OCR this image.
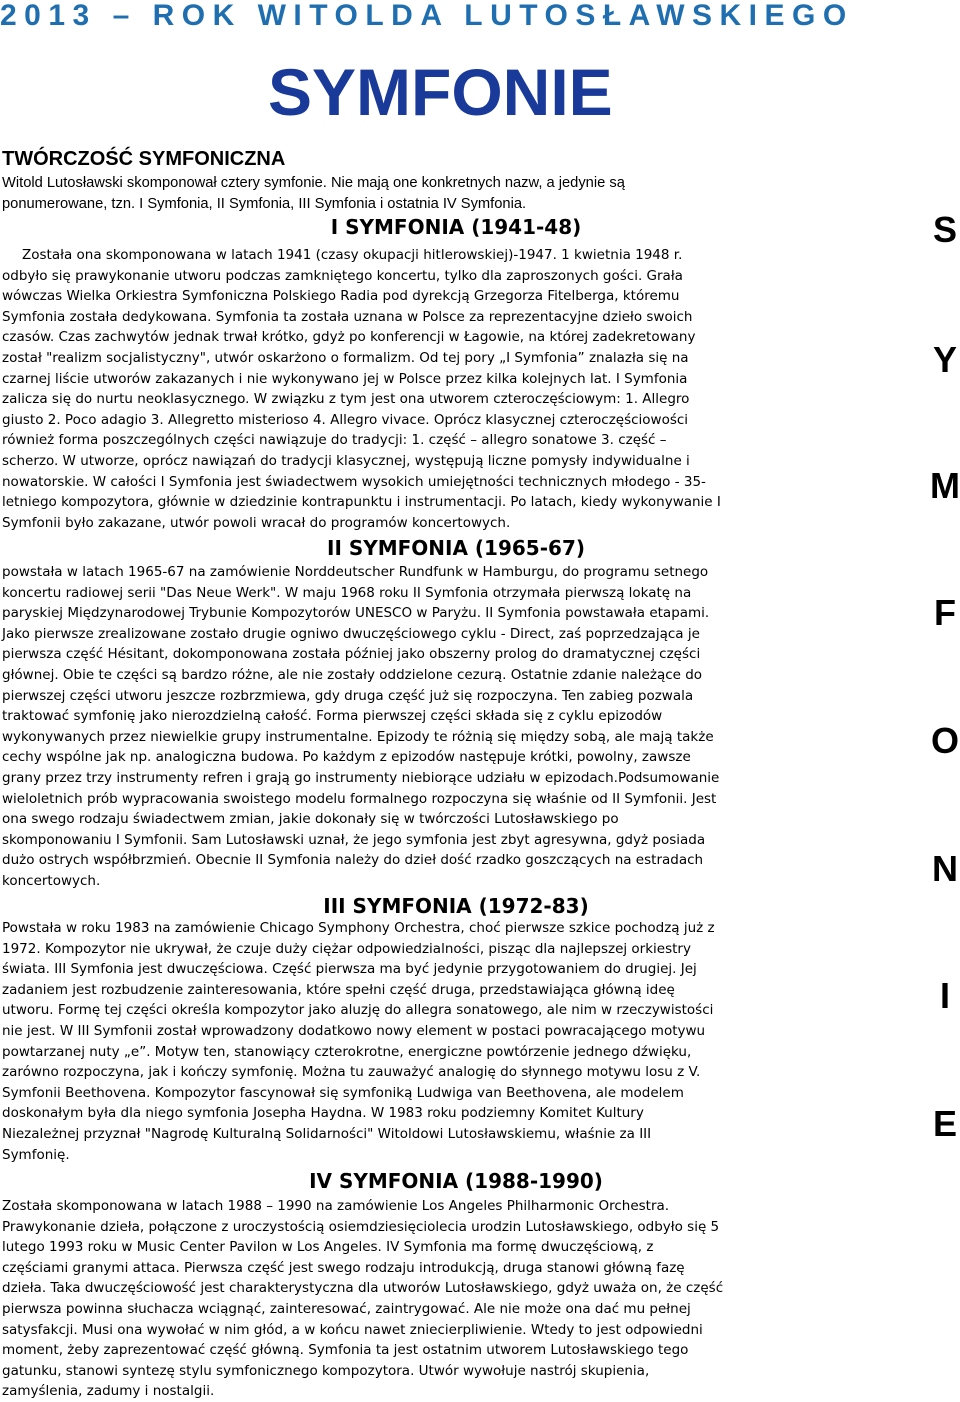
2013 – ROK WITOLDA LUTOSŁAWSKIEGO
SYMFONIE
S
Y
M
F
O
N
I
E
TWÓRCZOŚĆ SYMFONICZNA
Witold Lutosławski skomponował cztery symfonie. Nie mają one konkretnych nazw, a jedynie są
ponumerowane, tzn. I Symfonia, II Symfonia, III Symfonia i ostatnia IV Symfonia.
I SYMFONIA (1941-48)
Została ona skomponowana w latach 1941 (czasy okupacji hitlerowskiej)-1947. 1 kwietnia 1948 r.
odbyło się prawykonanie utworu podczas zamkniętego koncertu, tylko dla zaproszonych gości. Grała
wówczas Wielka Orkiestra Symfoniczna Polskiego Radia pod dyrekcją Grzegorza Fitelberga, któremu
Symfonia została dedykowana. Symfonia ta została uznana w Polsce za reprezentacyjne dzieło swoich
czasów. Czas zachwytów jednak trwał krótko, gdyż po konferencji w Łagowie, na której zadekretowany
został "realizm socjalistyczny", utwór oskarżono o formalizm. Od tej pory „I Symfonia” znalazła się na
czarnej liście utworów zakazanych i nie wykonywano jej w Polsce przez kilka kolejnych lat. I Symfonia
zalicza się do nurtu neoklasycznego. W związku z tym jest ona utworem czteroczęściowym: 1. Allegro
giusto 2. Poco adagio 3. Allegretto misterioso 4. Allegro vivace. Oprócz klasycznej czteroczęściowości
również forma poszczególnych części nawiązuje do tradycji: 1. część – allegro sonatowe 3. część –
scherzo. W utworze, oprócz nawiązań do tradycji klasycznej, występują liczne pomysły indywidualne i
nowatorskie. W całości I Symfonia jest świadectwem wysokich umiejętności technicznych młodego - 35-
letniego kompozytora, głównie w dziedzinie kontrapunktu i instrumentacji. Po latach, kiedy wykonywanie I
Symfonii było zakazane, utwór powoli wracał do programów koncertowych.
II SYMFONIA (1965-67)
powstała w latach 1965-67 na zamówienie Norddeutscher Rundfunk w Hamburgu, do programu setnego
koncertu radiowej serii "Das Neue Werk". W maju 1968 roku II Symfonia otrzymała pierwszą lokatę na
paryskiej Międzynarodowej Trybunie Kompozytorów UNESCO w Paryżu. II Symfonia powstawała etapami.
Jako pierwsze zrealizowane zostało drugie ogniwo dwuczęściowego cyklu - Direct, zaś poprzedzająca je
pierwsza część Hésitant, dokomponowana została później jako obszerny prolog do dramatycznej części
głównej. Obie te części są bardzo różne, ale nie zostały oddzielone cezurą. Ostatnie zdanie należące do
pierwszej części utworu jeszcze rozbrzmiewa, gdy druga część już się rozpoczyna. Ten zabieg pozwala
traktować symfonię jako nierozdzielną całość. Forma pierwszej części składa się z cyklu epizodów
wykonywanych przez niewielkie grupy instrumentalne. Epizody te różnią się między sobą, ale mają także
cechy wspólne jak np. analogiczna budowa. Po każdym z epizodów następuje krótki, powolny, zawsze
grany przez trzy instrumenty refren i grają go instrumenty niebiorące udziału w epizodach.Podsumowanie
wieloletnich prób wypracowania swoistego modelu formalnego rozpoczyna się właśnie od II Symfonii. Jest
ona swego rodzaju świadectwem zmian, jakie dokonały się w twórczości Lutosławskiego po
skomponowaniu I Symfonii. Sam Lutosławski uznał, że jego symfonia jest zbyt agresywna, gdyż posiada
dużo ostrych współbrzmień. Obecnie II Symfonia należy do dzieł dość rzadko goszczących na estradach
koncertowych.
III SYMFONIA (1972-83)
Powstała w roku 1983 na zamówienie Chicago Symphony Orchestra, choć pierwsze szkice pochodzą już z
1972. Kompozytor nie ukrywał, że czuje duży ciężar odpowiedzialności, pisząc dla najlepszej orkiestry
świata. III Symfonia jest dwuczęściowa. Część pierwsza ma być jedynie przygotowaniem do drugiej. Jej
zadaniem jest rozbudzenie zainteresowania, które spełni część druga, przedstawiająca główną ideę
utworu. Formę tej części określa kompozytor jako aluzję do allegra sonatowego, ale nim w rzeczywistości
nie jest. W III Symfonii został wprowadzony dodatkowo nowy element w postaci powracającego motywu
powtarzanej nuty „e”. Motyw ten, stanowiący czterokrotne, energiczne powtórzenie jednego dźwięku,
zarówno rozpoczyna, jak i kończy symfonię. Można tu zauważyć analogię do słynnego motywu losu z V.
Symfonii Beethovena. Kompozytor fascynował się symfoniką Ludwiga van Beethovena, ale modelem
doskonałym była dla niego symfonia Josepha Haydna. W 1983 roku podziemny Komitet Kultury
Niezależnej przyznał "Nagrodę Kulturalną Solidarności" Witoldowi Lutosławskiemu, właśnie za III
Symfonię.
IV SYMFONIA (1988-1990)
Została skomponowana w latach 1988 – 1990 na zamówienie Los Angeles Philharmonic Orchestra.
Prawykonanie dzieła, połączone z uroczystością osiemdziesięciolecia urodzin Lutosławskiego, odbyło się 5
lutego 1993 roku w Music Center Pavilon w Los Angeles. IV Symfonia ma formę dwuczęściową, z
częściami granymi attaca. Pierwsza część jest swego rodzaju introdukcją, druga stanowi główną fazę
dzieła. Taka dwuczęściowość jest charakterystyczna dla utworów Lutosławskiego, gdyż uważa on, że część
pierwsza powinna słuchacza wciągnąć, zainteresować, zaintrygować. Ale nie może ona dać mu pełnej
satysfakcji. Musi ona wywołać w nim głód, a w końcu nawet zniecierpliwienie. Wtedy to jest odpowiedni
moment, żeby zaprezentować część główną. Symfonia ta jest ostatnim utworem Lutosławskiego tego
gatunku, stanowi syntezę stylu symfonicznego kompozytora. Utwór wywołuje nastrój skupienia,
zamyślenia, zadumy i nostalgii.
